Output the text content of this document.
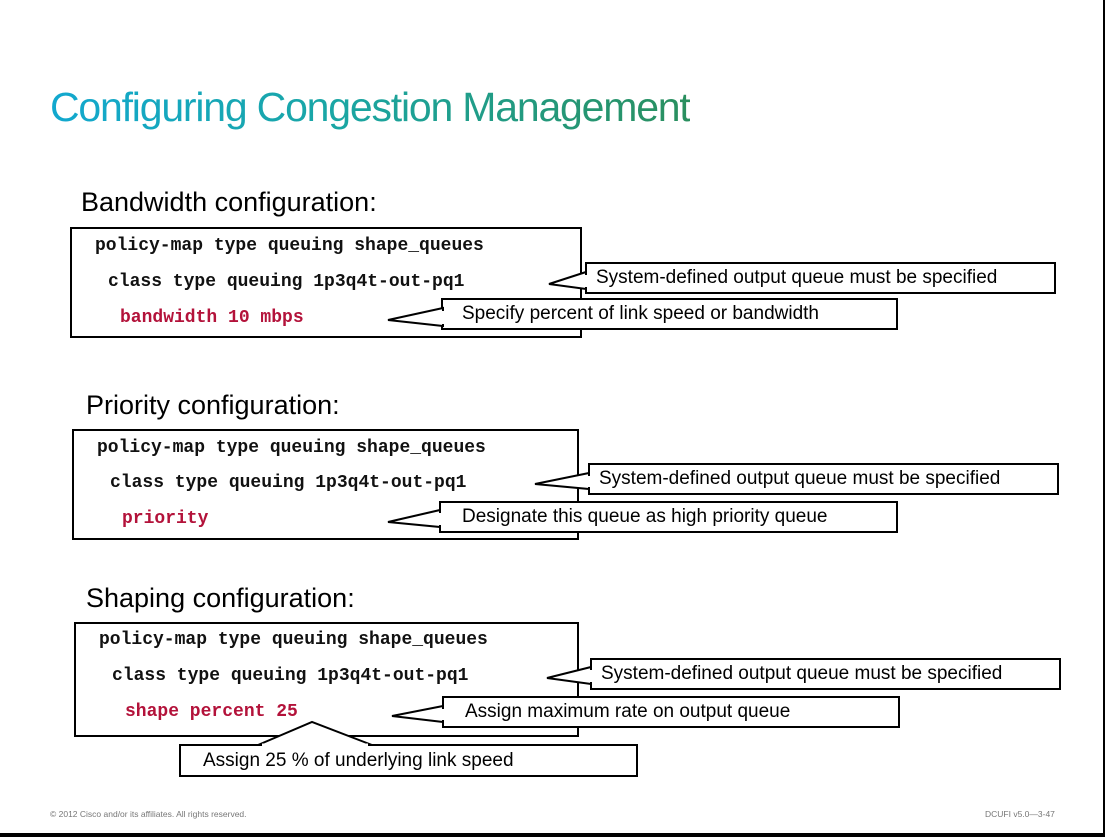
Configuring Congestion Management
Bandwidth configuration:
policy-map type queuing shape_queues
class type queuing 1p3q4t-out-pq1
bandwidth 10 mbps
System-defined output queue must be specified
Specify percent of link speed or bandwidth
Priority configuration:
policy-map type queuing shape_queues
class type queuing 1p3q4t-out-pq1
priority
System-defined output queue must be specified
Designate this queue as high priority queue
Shaping configuration:
policy-map type queuing shape_queues
class type queuing 1p3q4t-out-pq1
shape percent 25
System-defined output queue must be specified
Assign maximum rate on output queue
Assign 25 % of underlying link speed
© 2012 Cisco and/or its affiliates. All rights reserved.	DCUFI v5.0—3-47
